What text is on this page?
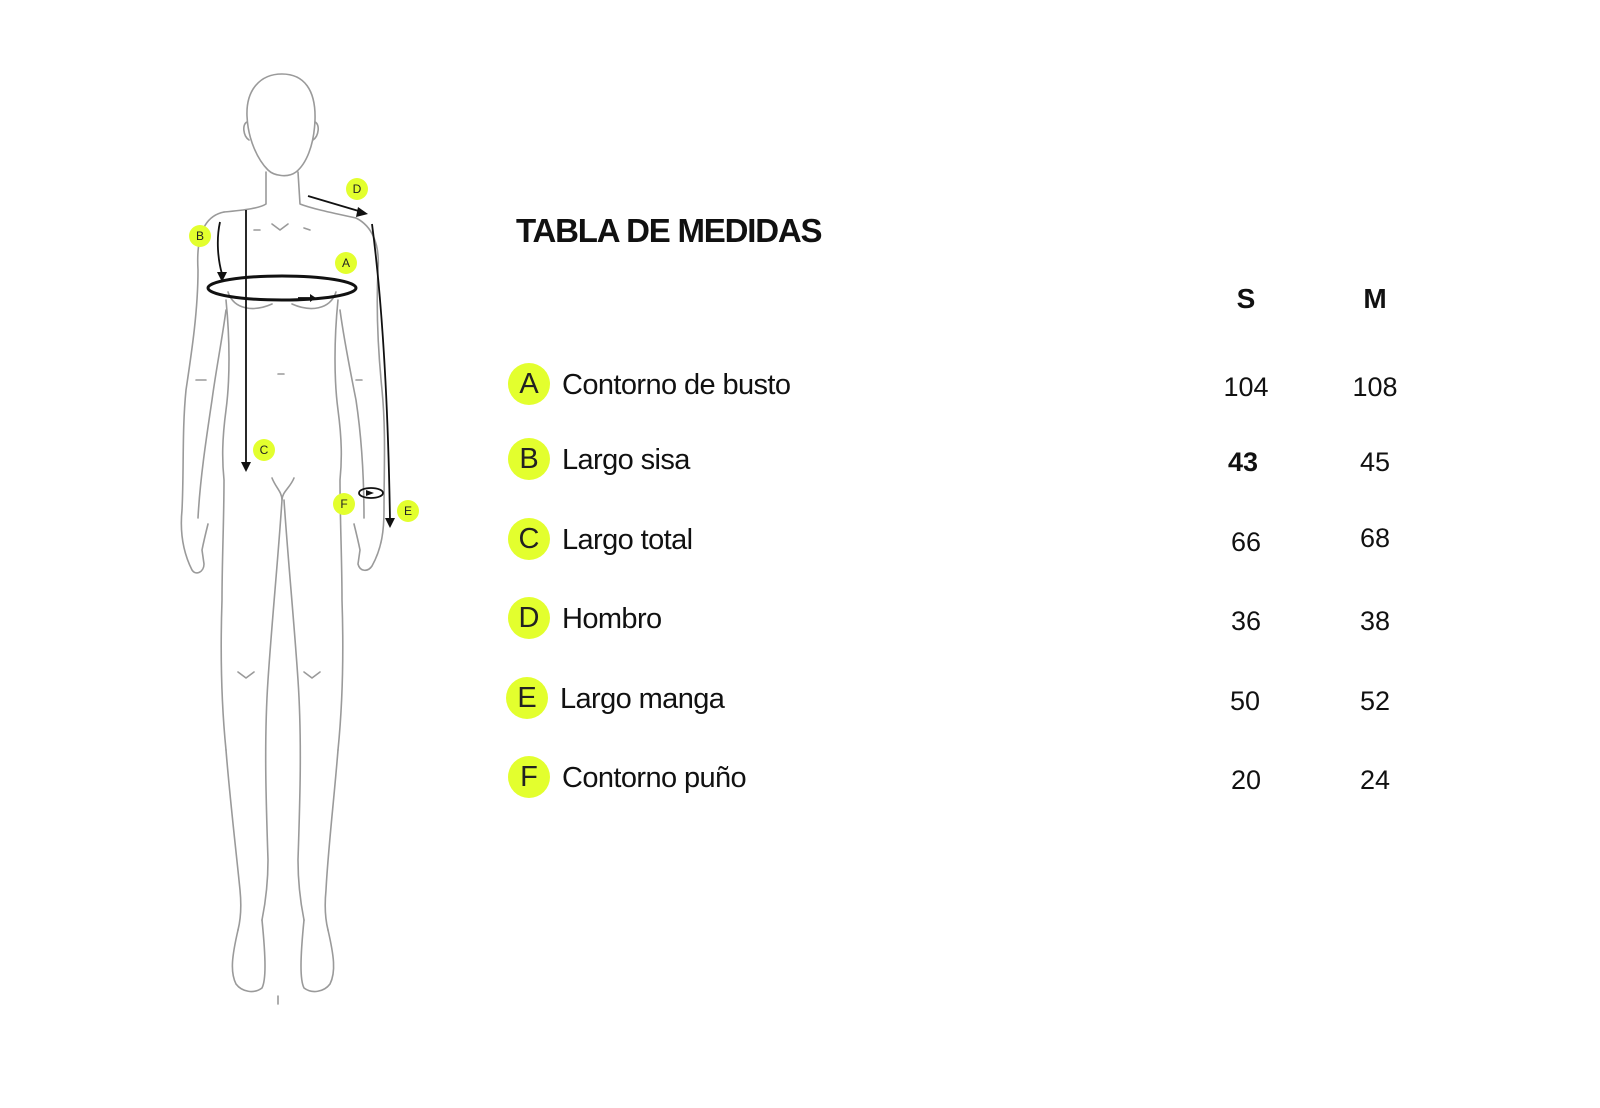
A
B
C
D
E
F
TABLA DE MEDIDAS
S	M
A Contorno de busto	104	108
B Largo sisa	43	45
C Largo total	66	68
D Hombro	36	38
E Largo manga	50	52
F Contorno puño	20	24
